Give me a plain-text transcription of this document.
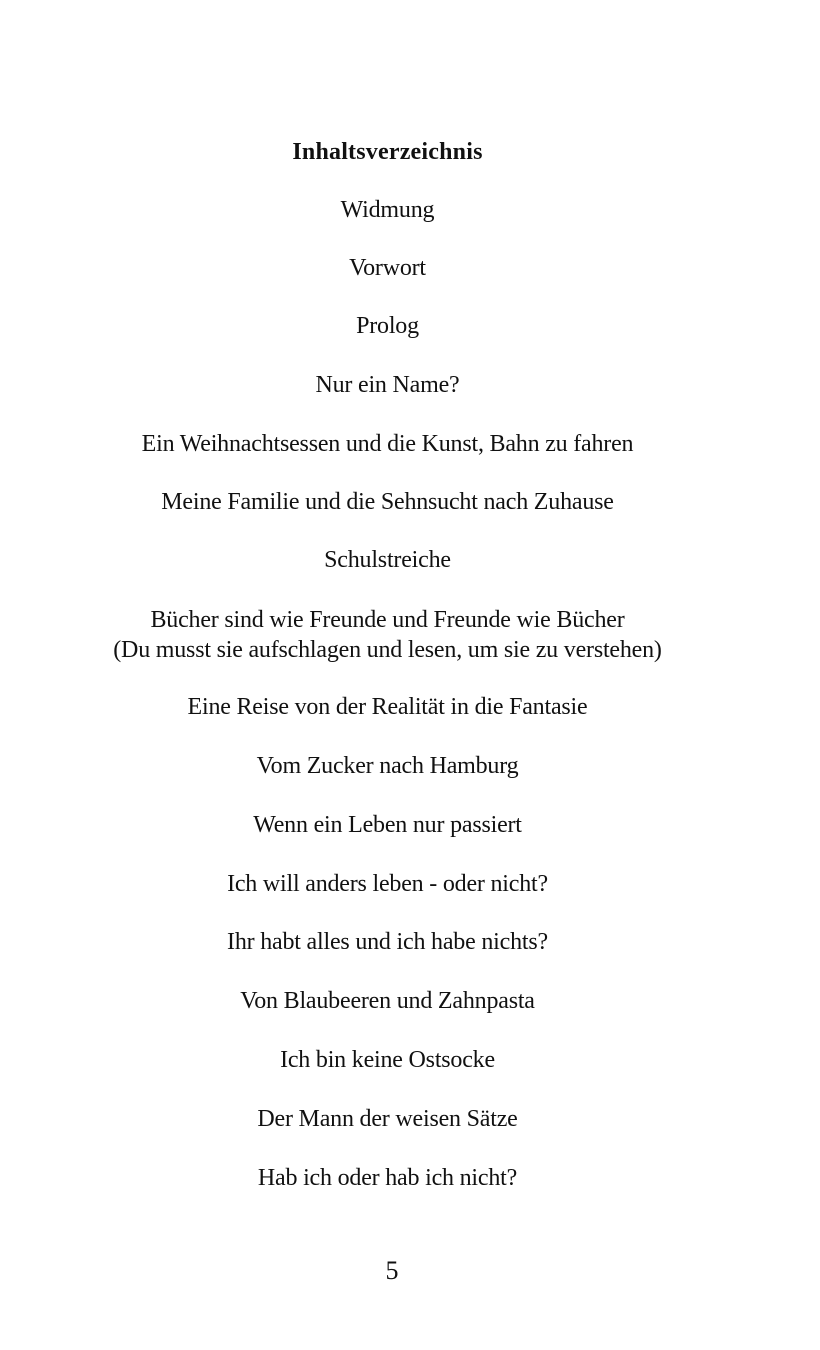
Inhaltsverzeichnis
Widmung
Vorwort
Prolog
Nur ein Name?
Ein Weihnachtsessen und die Kunst, Bahn zu fahren
Meine Familie und die Sehnsucht nach Zuhause
Schulstreiche
Bücher sind wie Freunde und Freunde wie Bücher
(Du musst sie aufschlagen und lesen, um sie zu verstehen)
Eine Reise von der Realität in die Fantasie
Vom Zucker nach Hamburg
Wenn ein Leben nur passiert
Ich will anders leben - oder nicht?
Ihr habt alles und ich habe nichts?
Von Blaubeeren und Zahnpasta
Ich bin keine Ostsocke
Der Mann der weisen Sätze
Hab ich oder hab ich nicht?
5
